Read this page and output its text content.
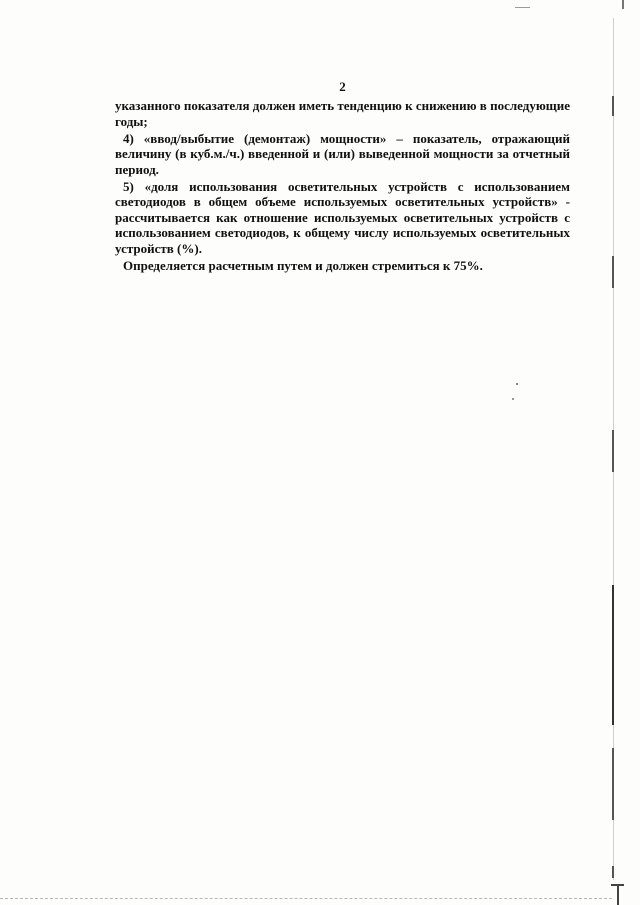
2
указанного показателя должен иметь тенденцию к снижению в последующие
годы;
4) «ввод/выбытие (демонтаж) мощности» – показатель, отражающий
величину (в куб.м./ч.) введенной и (или) выведенной мощности за отчетный
период.
5) «доля использования осветительных устройств с использованием
светодиодов в общем объеме используемых осветительных устройств» -
рассчитывается как отношение используемых осветительных устройств с
использованием светодиодов, к общему числу используемых осветительных
устройств (%).
Определяется расчетным путем и должен стремиться к 75%.
